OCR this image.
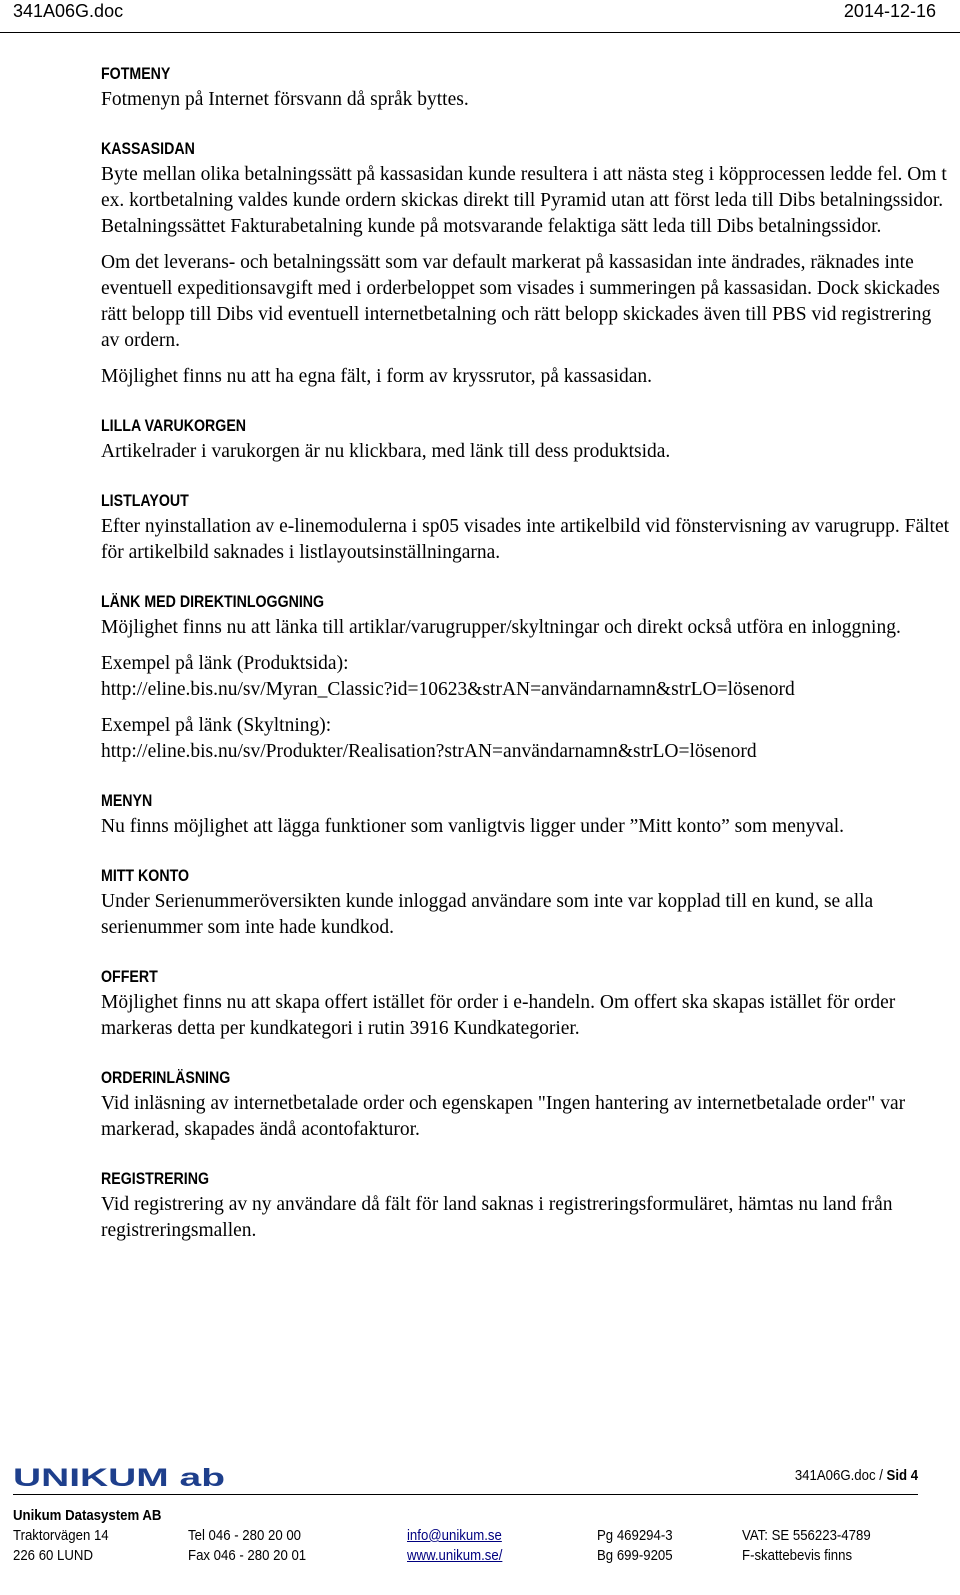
341A06G.doc	2014-12-16
FOTMENY

Fotmenyn på Internet försvann då språk byttes.

KASSASIDAN

Byte mellan olika betalningssätt på kassasidan kunde resultera i att nästa steg i köpprocessen ledde fel. Om t ex. kortbetalning valdes kunde ordern skickas direkt till Pyramid utan att först leda till Dibs betalningssidor. Betalningssättet Fakturabetalning kunde på motsvarande felaktiga sätt leda till Dibs betalningssidor.

Om det leverans- och betalningssätt som var default markerat på kassasidan inte ändrades, räknades inte eventuell expeditionsavgift med i orderbeloppet som visades i summeringen på kassasidan. Dock skickades rätt belopp till Dibs vid eventuell internetbetalning och rätt belopp skickades även till PBS vid registrering av ordern.

Möjlighet finns nu att ha egna fält, i form av kryssrutor, på kassasidan.

LILLA VARUKORGEN

Artikelrader i varukorgen är nu klickbara, med länk till dess produktsida.

LISTLAYOUT

Efter nyinstallation av e-linemodulerna i sp05 visades inte artikelbild vid fönstervisning av varugrupp. Fältet för artikelbild saknades i listlayoutsinställningarna.

LÄNK MED DIREKTINLOGGNING

Möjlighet finns nu att länka till artiklar/varugrupper/skyltningar och direkt också utföra en inloggning.

Exempel på länk (Produktsida):
http://eline.bis.nu/sv/Myran_Classic?id=10623&strAN=användarnamn&strLO=lösenord

Exempel på länk (Skyltning):
http://eline.bis.nu/sv/Produkter/Realisation?strAN=användarnamn&strLO=lösenord

MENYN

Nu finns möjlighet att lägga funktioner som vanligtvis ligger under ”Mitt konto” som menyval.

MITT KONTO

Under Serienummeröversikten kunde inloggad användare som inte var kopplad till en kund, se alla serienummer som inte hade kundkod.

OFFERT

Möjlighet finns nu att skapa offert istället för order i e-handeln. Om offert ska skapas istället för order markeras detta per kundkategori i rutin 3916 Kundkategorier.

ORDERINLÄSNING

Vid inläsning av internetbetalade order och egenskapen "Ingen hantering av internetbetalade order" var markerad, skapades ändå acontofakturor.

REGISTRERING

Vid registrering av ny användare då fält för land saknas i registreringsformuläret, hämtas nu land från registreringsmallen.

UNIKUM ab	341A06G.doc / Sid 4
Unikum Datasystem AB
Traktorvägen 14
226 60 LUND
Tel 046 - 280 20 00
Fax 046 - 280 20 01
info@unikum.se
www.unikum.se/
Pg 469294-3
Bg 699-9205
VAT: SE 556223-4789
F-skattebevis finns
